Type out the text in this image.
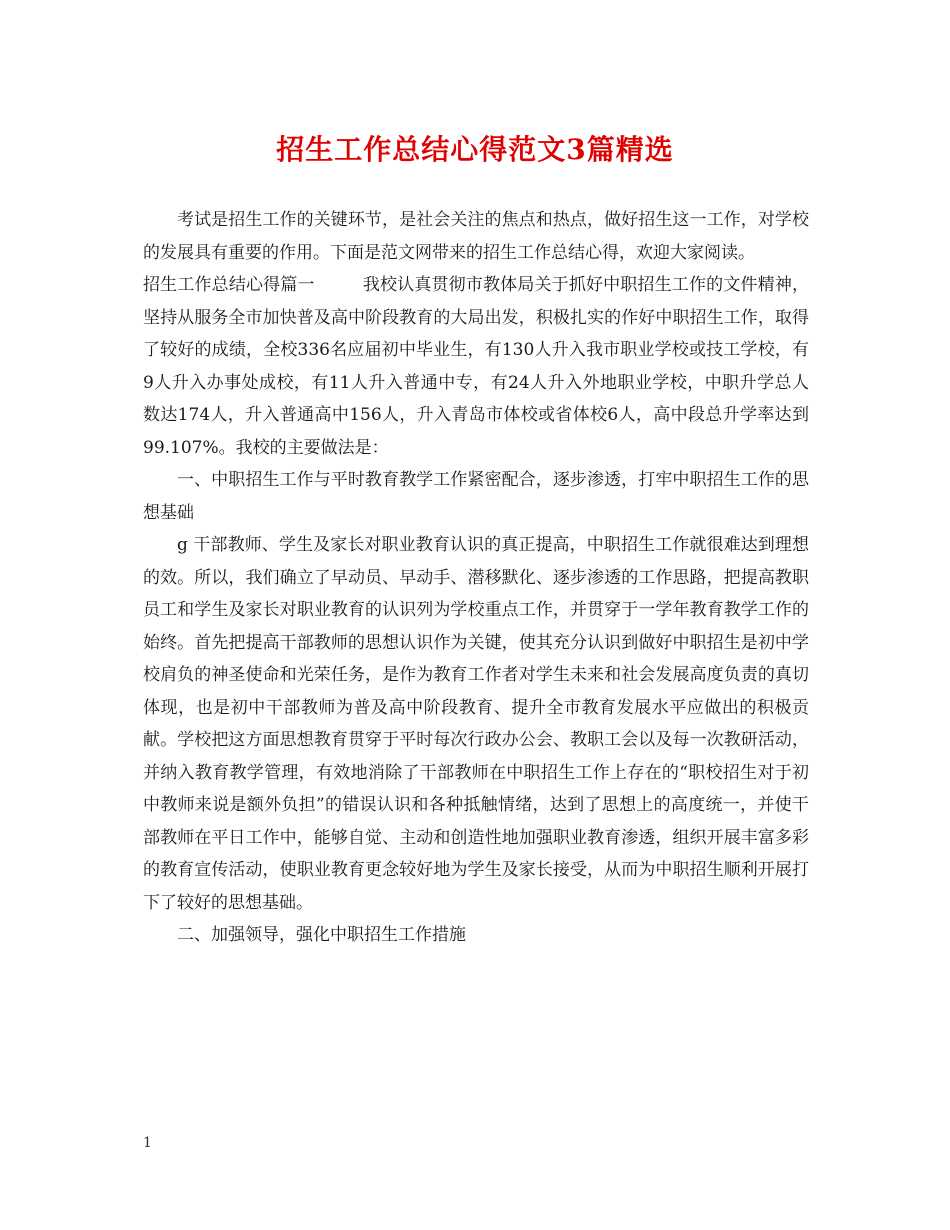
招生工作总结心得范文3篇精选

考试是招生工作的关键环节，是社会关注的焦点和热点，做好招生这一工作，对学校的发展具有重要的作用。下面是范文网带来的招生工作总结心得，欢迎大家阅读。

招生工作总结心得篇一	我校认真贯彻市教体局关于抓好中职招生工作的文件精神，坚持从服务全市加快普及高中阶段教育的大局出发，积极扎实的作好中职招生工作，取得了较好的成绩，全校336名应届初中毕业生，有130人升入我市职业学校或技工学校，有9人升入办事处成校，有11人升入普通中专，有24人升入外地职业学校，中职升学总人数达174人，升入普通高中156人，升入青岛市体校或省体校6人，高中段总升学率达到99.107%。我校的主要做法是：

一、中职招生工作与平时教育教学工作紧密配合，逐步渗透，打牢中职招生工作的思想基础

g 干部教师、学生及家长对职业教育认识的真正提高，中职招生工作就很难达到理想的效。所以，我们确立了早动员、早动手、潜移默化、逐步渗透的工作思路，把提高教职员工和学生及家长对职业教育的认识列为学校重点工作，并贯穿于一学年教育教学工作的始终。首先把提高干部教师的思想认识作为关键，使其充分认识到做好中职招生是初中学校肩负的神圣使命和光荣任务，是作为教育工作者对学生未来和社会发展高度负责的真切体现，也是初中干部教师为普及高中阶段教育、提升全市教育发展水平应做出的积极贡献。学校把这方面思想教育贯穿于平时每次行政办公会、教职工会以及每一次教研活动，并纳入教育教学管理，有效地消除了干部教师在中职招生工作上存在的“职校招生对于初中教师来说是额外负担”的错误认识和各种抵触情绪，达到了思想上的高度统一，并使干部教师在平日工作中，能够自觉、主动和创造性地加强职业教育渗透，组织开展丰富多彩的教育宣传活动，使职业教育更念较好地为学生及家长接受，从而为中职招生顺利开展打下了较好的思想基础。

二、加强领导，强化中职招生工作措施

1
